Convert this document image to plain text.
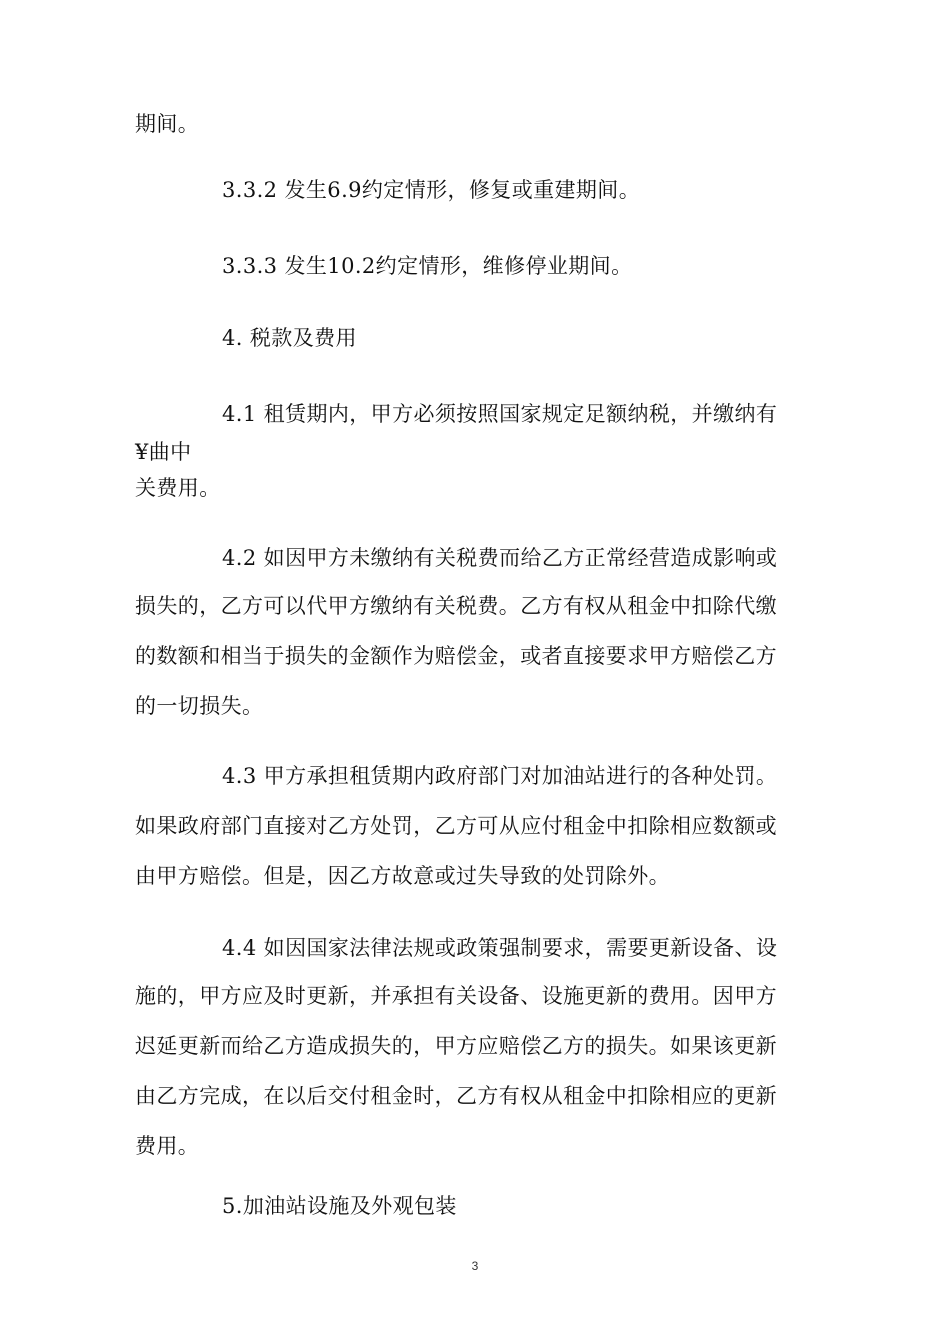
期间。
3.3.2 发生6.9约定情形，修复或重建期间。
3.3.3 发生10.2约定情形，维修停业期间。
4. 税款及费用
4.1 租赁期内，甲方必须按照国家规定足额纳税，并缴纳有
¥曲中
关费用。
4.2 如因甲方未缴纳有关税费而给乙方正常经营造成影响或
损失的，乙方可以代甲方缴纳有关税费。乙方有权从租金中扣除代缴
的数额和相当于损失的金额作为赔偿金，或者直接要求甲方赔偿乙方
的一切损失。
4.3 甲方承担租赁期内政府部门对加油站进行的各种处罚。
如果政府部门直接对乙方处罚，乙方可从应付租金中扣除相应数额或
由甲方赔偿。但是，因乙方故意或过失导致的处罚除外。
4.4 如因国家法律法规或政策强制要求，需要更新设备、设
施的，甲方应及时更新，并承担有关设备、设施更新的费用。因甲方
迟延更新而给乙方造成损失的，甲方应赔偿乙方的损失。如果该更新
由乙方完成，在以后交付租金时，乙方有权从租金中扣除相应的更新
费用。
5.加油站设施及外观包装
3
